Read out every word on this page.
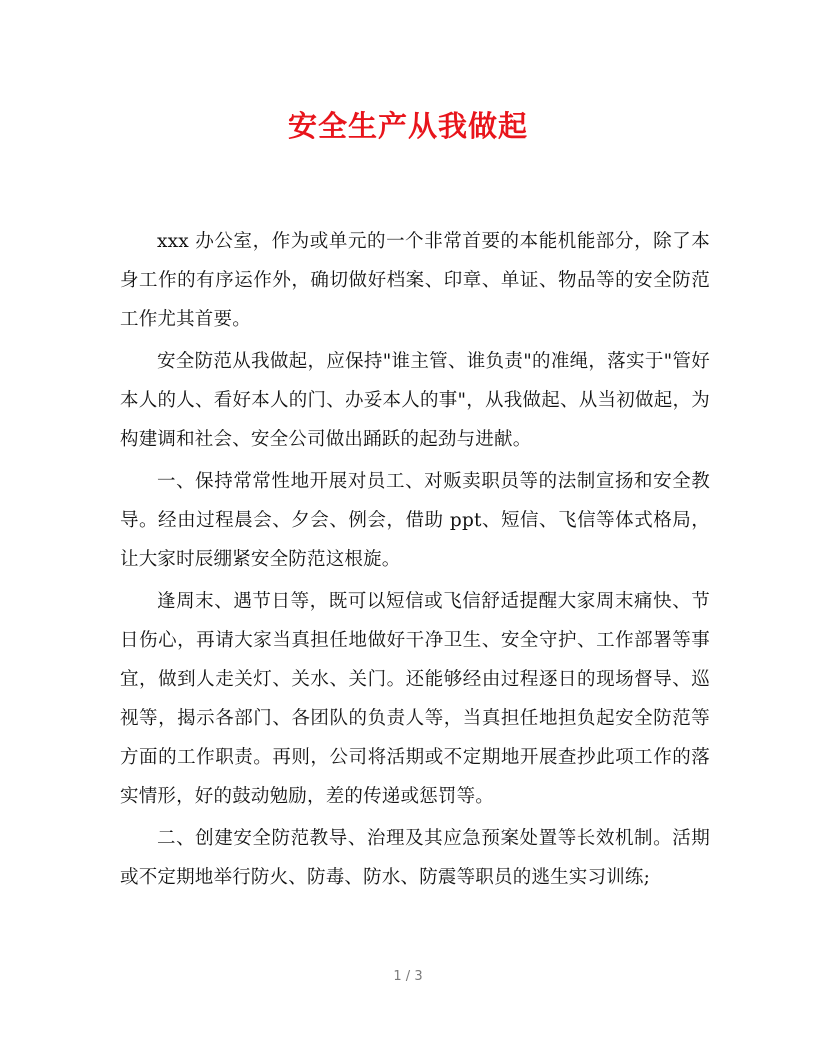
安全生产从我做起

xxx 办公室，作为或单元的一个非常首要的本能机能部分，除了本身工作的有序运作外，确切做好档案、印章、单证、物品等的安全防范工作尤其首要。

安全防范从我做起，应保持"谁主管、谁负责"的准绳，落实于"管好本人的人、看好本人的门、办妥本人的事"，从我做起、从当初做起，为构建调和社会、安全公司做出踊跃的起劲与进献。

一、保持常常性地开展对员工、对贩卖职员等的法制宣扬和安全教导。经由过程晨会、夕会、例会，借助 ppt、短信、飞信等体式格局，让大家时辰绷紧安全防范这根旋。

逢周末、遇节日等，既可以短信或飞信舒适提醒大家周末痛快、节日伤心，再请大家当真担任地做好干净卫生、安全守护、工作部署等事宜，做到人走关灯、关水、关门。还能够经由过程逐日的现场督导、巡视等，揭示各部门、各团队的负责人等，当真担任地担负起安全防范等方面的工作职责。再则，公司将活期或不定期地开展查抄此项工作的落实情形，好的鼓动勉励，差的传递或惩罚等。

二、创建安全防范教导、治理及其应急预案处置等长效机制。活期或不定期地举行防火、防毒、防水、防震等职员的逃生实习训练;

1 / 3
